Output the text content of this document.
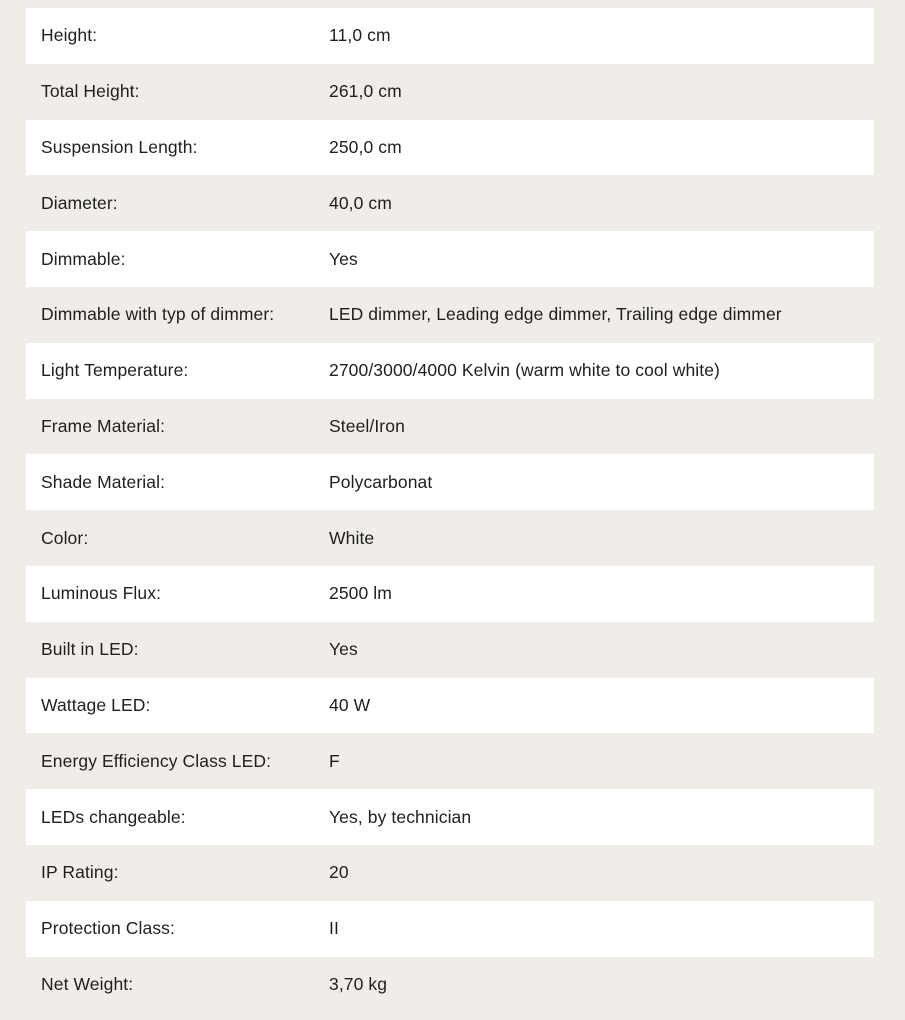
Height:	11,0 cm
Total Height:	261,0 cm
Suspension Length:	250,0 cm
Diameter:	40,0 cm
Dimmable:	Yes
Dimmable with typ of dimmer:	LED dimmer, Leading edge dimmer, Trailing edge dimmer
Light Temperature:	2700/3000/4000 Kelvin (warm white to cool white)
Frame Material:	Steel/Iron
Shade Material:	Polycarbonat
Color:	White
Luminous Flux:	2500 lm
Built in LED:	Yes
Wattage LED:	40 W
Energy Efficiency Class LED:	F
LEDs changeable:	Yes, by technician
IP Rating:	20
Protection Class:	II
Net Weight:	3,70 kg
